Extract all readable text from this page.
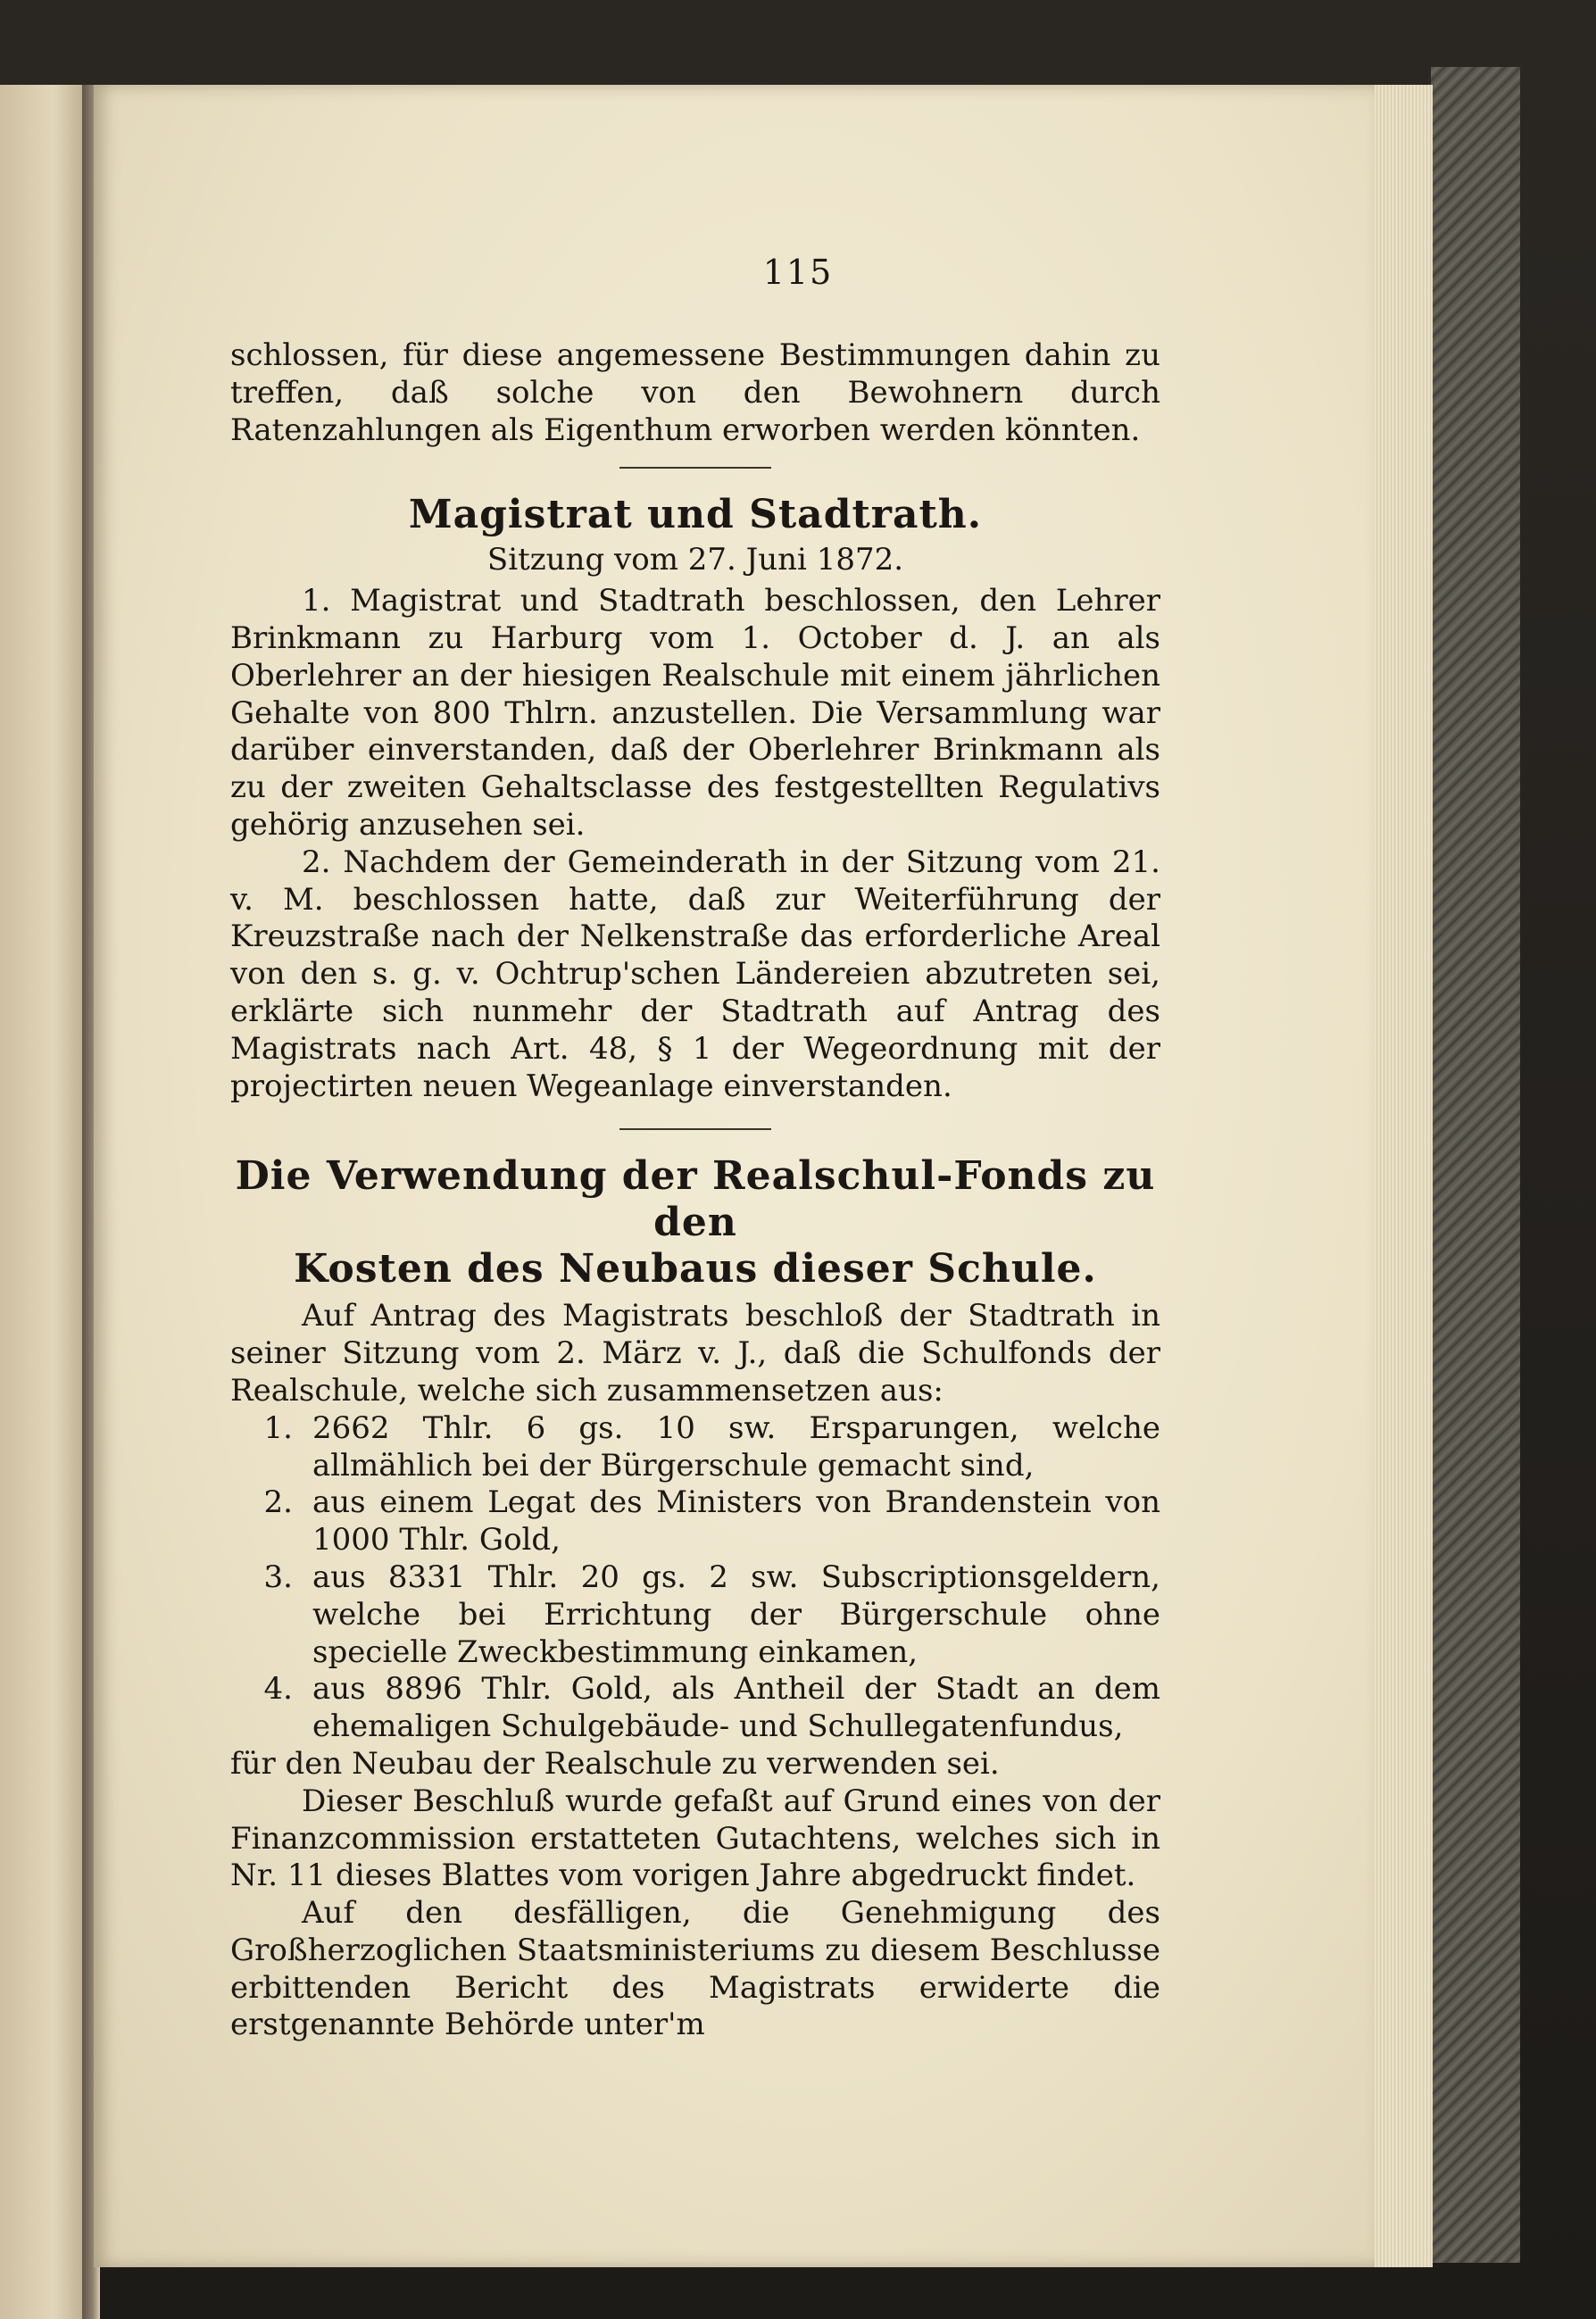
115

schlossen, für diese angemessene Bestimmungen dahin zu treffen, daß solche von den Bewohnern durch Ratenzahlungen als Eigenthum erworben werden könnten.

Magistrat und Stadtrath.
Sitzung vom 27. Juni 1872.

1. Magistrat und Stadtrath beschlossen, den Lehrer Brinkmann zu Harburg vom 1. October d. J. an als Oberlehrer an der hiesigen Realschule mit einem jährlichen Gehalte von 800 Thlrn. anzustellen. Die Versammlung war darüber einverstanden, daß der Oberlehrer Brinkmann als zu der zweiten Gehaltsclasse des festgestellten Regulativs gehörig anzusehen sei.

2. Nachdem der Gemeinderath in der Sitzung vom 21. v. M. beschlossen hatte, daß zur Weiterführung der Kreuzstraße nach der Nelkenstraße das erforderliche Areal von den s. g. v. Ochtrup'schen Ländereien abzutreten sei, erklärte sich nunmehr der Stadtrath auf Antrag des Magistrats nach Art. 48, § 1 der Wegeordnung mit der projectirten neuen Wegeanlage einverstanden.

Die Verwendung der Realschul-Fonds zu den
Kosten des Neubaus dieser Schule.

Auf Antrag des Magistrats beschloß der Stadtrath in seiner Sitzung vom 2. März v. J., daß die Schulfonds der Realschule, welche sich zusammensetzen aus:

1. 2662 Thlr. 6 gs. 10 sw. Ersparungen, welche allmählich bei der Bürgerschule gemacht sind,
2. aus einem Legat des Ministers von Brandenstein von 1000 Thlr. Gold,
3. aus 8331 Thlr. 20 gs. 2 sw. Subscriptionsgeldern, welche bei Errichtung der Bürgerschule ohne specielle Zweckbestimmung einkamen,
4. aus 8896 Thlr. Gold, als Antheil der Stadt an dem ehemaligen Schulgebäude- und Schullegatenfundus,

für den Neubau der Realschule zu verwenden sei.

Dieser Beschluß wurde gefaßt auf Grund eines von der Finanzcommission erstatteten Gutachtens, welches sich in Nr. 11 dieses Blattes vom vorigen Jahre abgedruckt findet.

Auf den desfälligen, die Genehmigung des Großherzoglichen Staatsministeriums zu diesem Beschlusse erbittenden Bericht des Magistrats erwiderte die erstgenannte Behörde unter'm
